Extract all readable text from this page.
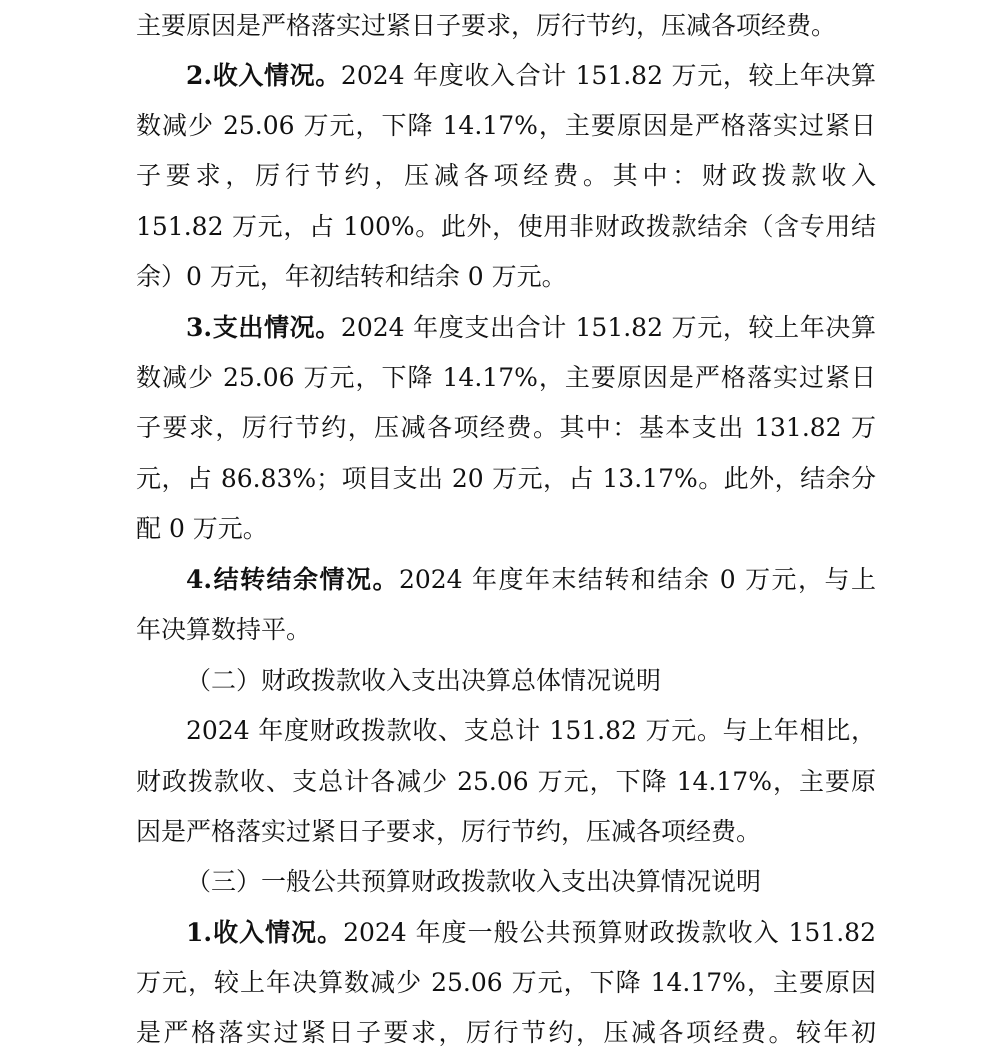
主要原因是严格落实过紧日子要求，厉行节约，压减各项经费。
2.收入情况。2024 年度收入合计 151.82 万元，较上年决算
数减少 25.06 万元，下降 14.17%，主要原因是严格落实过紧日
子要求，厉行节约，压减各项经费。其中：财政拨款收入
151.82 万元，占 100%。此外，使用非财政拨款结余（含专用结
余）0 万元，年初结转和结余 0 万元。
3.支出情况。2024 年度支出合计 151.82 万元，较上年决算
数减少 25.06 万元，下降 14.17%，主要原因是严格落实过紧日
子要求，厉行节约，压减各项经费。其中：基本支出 131.82 万
元，占 86.83%；项目支出 20 万元，占 13.17%。此外，结余分
配 0 万元。
4.结转结余情况。2024 年度年末结转和结余 0 万元，与上
年决算数持平。
（二）财政拨款收入支出决算总体情况说明
2024 年度财政拨款收、支总计 151.82 万元。与上年相比，
财政拨款收、支总计各减少 25.06 万元，下降 14.17%，主要原
因是严格落实过紧日子要求，厉行节约，压减各项经费。
（三）一般公共预算财政拨款收入支出决算情况说明
1.收入情况。2024 年度一般公共预算财政拨款收入 151.82
万元，较上年决算数减少 25.06 万元，下降 14.17%，主要原因
是严格落实过紧日子要求，厉行节约，压减各项经费。较年初
